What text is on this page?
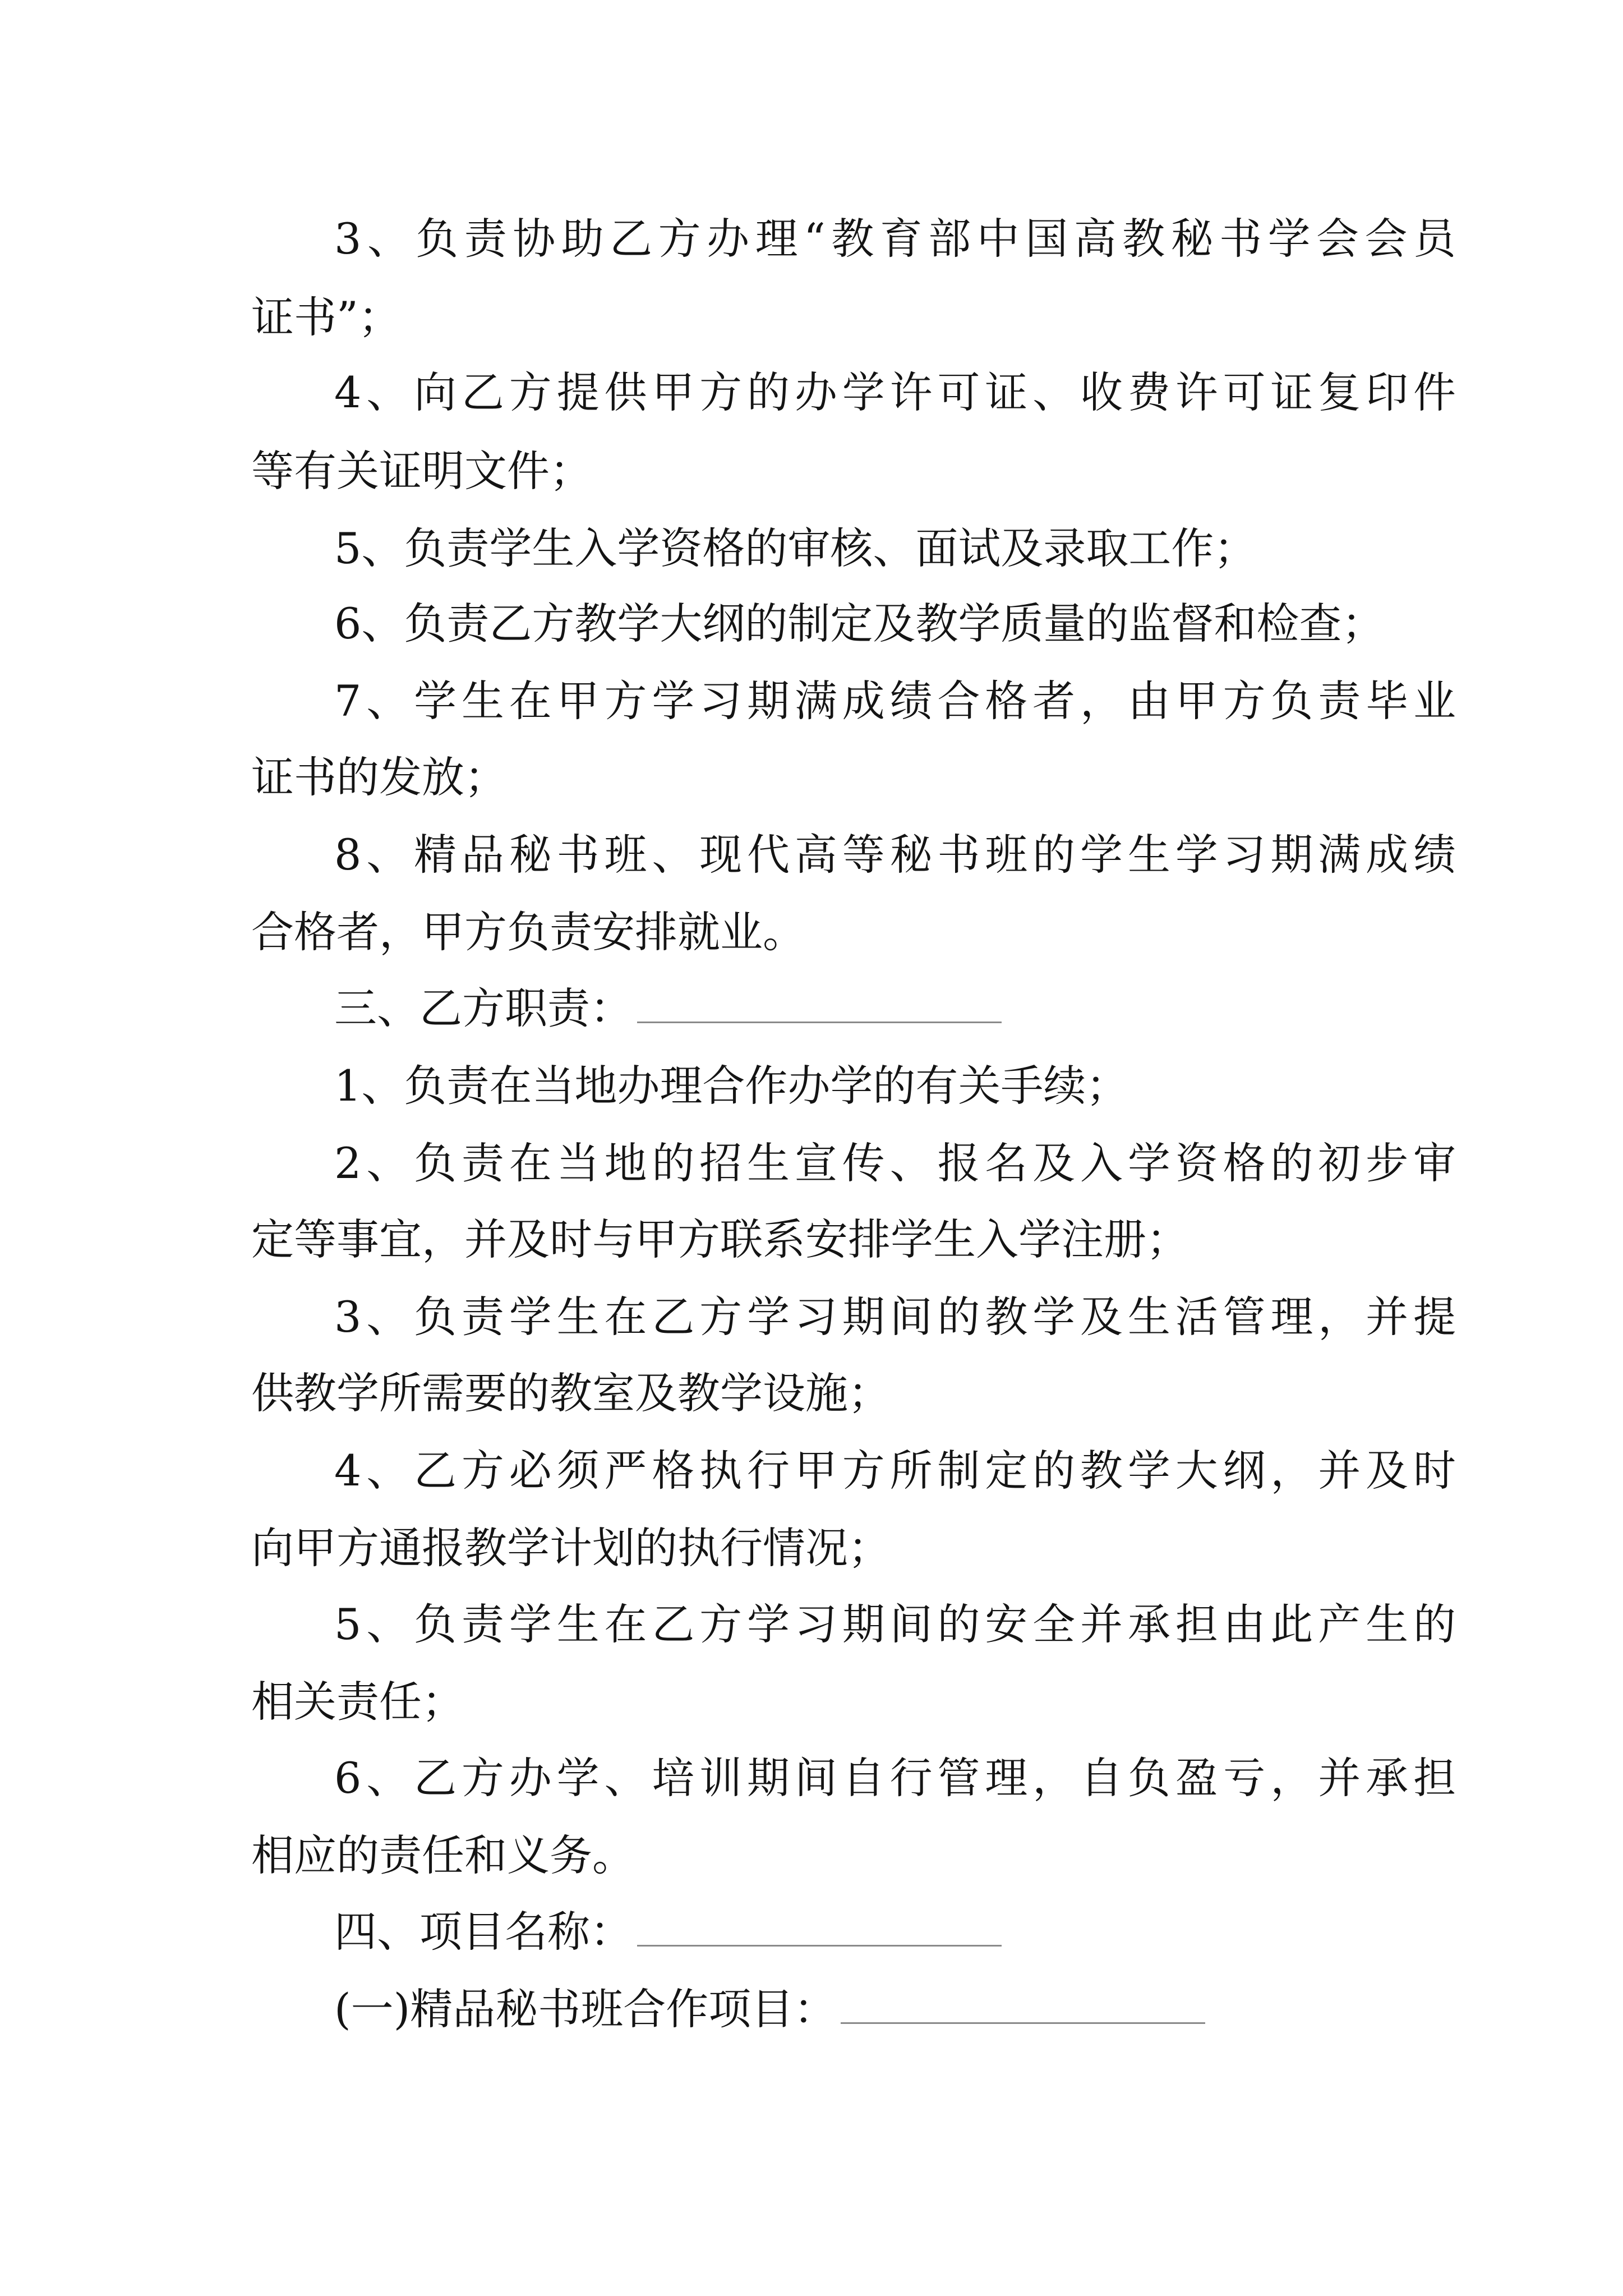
3、负责协助乙方办理“教育部中国高教秘书学会会员
证书”；
4、向乙方提供甲方的办学许可证、收费许可证复印件
等有关证明文件；
5、负责学生入学资格的审核、面试及录取工作；
6、负责乙方教学大纲的制定及教学质量的监督和检查；
7、学生在甲方学习期满成绩合格者，由甲方负责毕业
证书的发放；
8、精品秘书班、现代高等秘书班的学生学习期满成绩
合格者，甲方负责安排就业。
三、乙方职责：
1、负责在当地办理合作办学的有关手续；
2、负责在当地的招生宣传、报名及入学资格的初步审
定等事宜，并及时与甲方联系安排学生入学注册；
3、负责学生在乙方学习期间的教学及生活管理，并提
供教学所需要的教室及教学设施；
4、乙方必须严格执行甲方所制定的教学大纲，并及时
向甲方通报教学计划的执行情况；
5、负责学生在乙方学习期间的安全并承担由此产生的
相关责任；
6、乙方办学、培训期间自行管理，自负盈亏，并承担
相应的责任和义务。
四、项目名称：
(一)精品秘书班合作项目：
